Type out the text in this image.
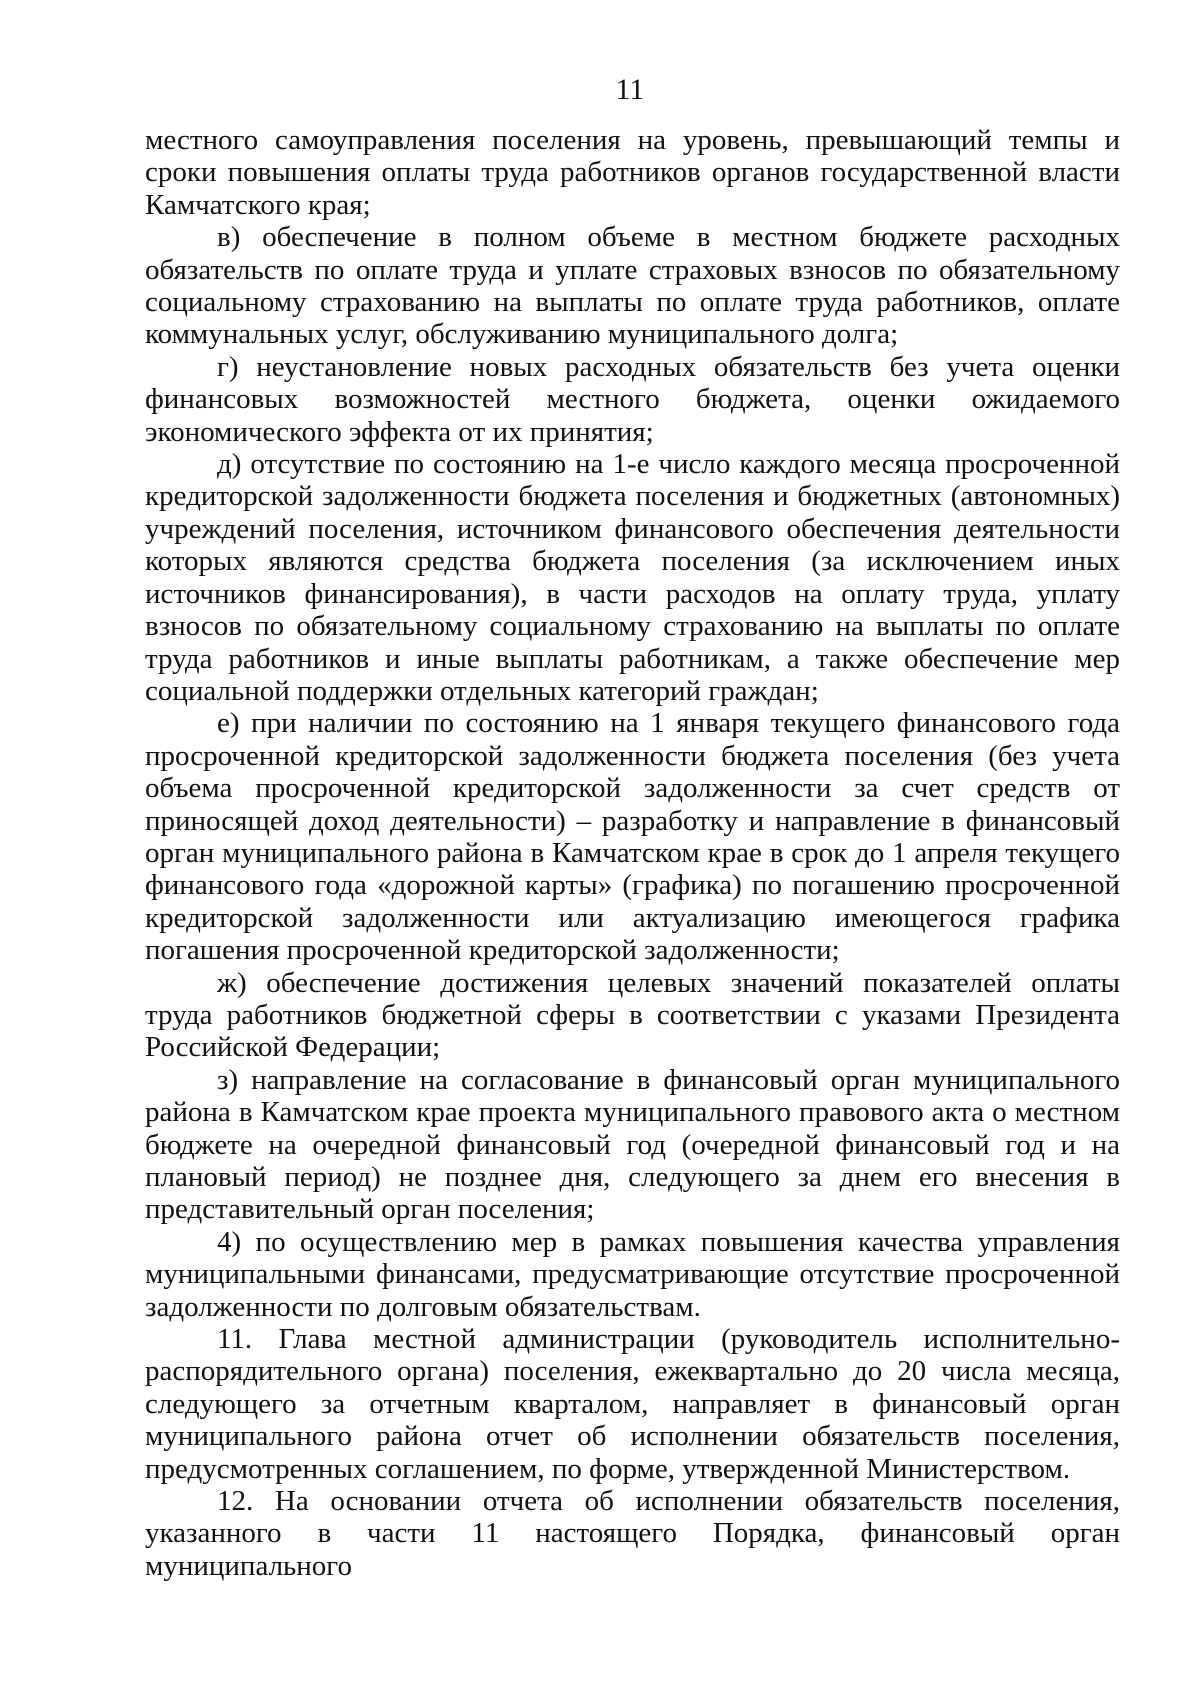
11

местного самоуправления поселения на уровень, превышающий темпы и сроки повышения оплаты труда работников органов государственной власти Камчатского края;

в) обеспечение в полном объеме в местном бюджете расходных обязательств по оплате труда и уплате страховых взносов по обязательному социальному страхованию на выплаты по оплате труда работников, оплате коммунальных услуг, обслуживанию муниципального долга;

г) неустановление новых расходных обязательств без учета оценки финансовых возможностей местного бюджета, оценки ожидаемого экономического эффекта от их принятия;

д) отсутствие по состоянию на 1-е число каждого месяца просроченной кредиторской задолженности бюджета поселения и бюджетных (автономных) учреждений поселения, источником финансового обеспечения деятельности которых являются средства бюджета поселения (за исключением иных источников финансирования), в части расходов на оплату труда, уплату взносов по обязательному социальному страхованию на выплаты по оплате труда работников и иные выплаты работникам, а также обеспечение мер социальной поддержки отдельных категорий граждан;

е) при наличии по состоянию на 1 января текущего финансового года просроченной кредиторской задолженности бюджета поселения (без учета объема просроченной кредиторской задолженности за счет средств от приносящей доход деятельности) – разработку и направление в финансовый орган муниципального района в Камчатском крае в срок до 1 апреля текущего финансового года «дорожной карты» (графика) по погашению просроченной кредиторской задолженности или актуализацию имеющегося графика погашения просроченной кредиторской задолженности;

ж) обеспечение достижения целевых значений показателей оплаты труда работников бюджетной сферы в соответствии с указами Президента Российской Федерации;

з) направление на согласование в финансовый орган муниципального района в Камчатском крае проекта муниципального правового акта о местном бюджете на очередной финансовый год (очередной финансовый год и на плановый период) не позднее дня, следующего за днем его внесения в представительный орган поселения;

4) по осуществлению мер в рамках повышения качества управления муниципальными финансами, предусматривающие отсутствие просроченной задолженности по долговым обязательствам.

11. Глава местной администрации (руководитель исполнительно-распорядительного органа) поселения, ежеквартально до 20 числа месяца, следующего за отчетным кварталом, направляет в финансовый орган муниципального района отчет об исполнении обязательств поселения, предусмотренных соглашением, по форме, утвержденной Министерством.

12. На основании отчета об исполнении обязательств поселения, указанного в части 11 настоящего Порядка, финансовый орган муниципального
